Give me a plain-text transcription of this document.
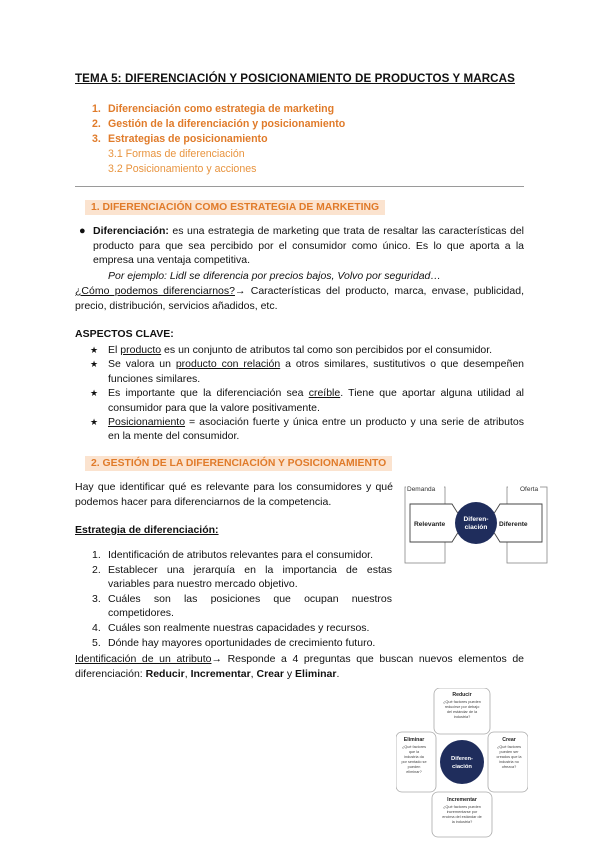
TEMA 5: DIFERENCIACIÓN Y POSICIONAMIENTO DE PRODUCTOS Y MARCAS
1. Diferenciación como estrategia de marketing
2. Gestión de la diferenciación y posicionamiento
3. Estrategias de posicionamiento
3.1 Formas de diferenciación
3.2 Posicionamiento y acciones
1. DIFERENCIACIÓN COMO ESTRATEGIA DE MARKETING
● Diferenciación: es una estrategia de marketing que trata de resaltar las características del producto para que sea percibido por el consumidor como único. Es lo que aporta a la empresa una ventaja competitiva.
Por ejemplo: Lidl se diferencia por precios bajos, Volvo por seguridad…
¿Cómo podemos diferenciarnos?→ Características del producto, marca, envase, publicidad, precio, distribución, servicios añadidos, etc.
ASPECTOS CLAVE:
★ El producto es un conjunto de atributos tal como son percibidos por el consumidor.
★ Se valora un producto con relación a otros similares, sustitutivos o que desempeñen funciones similares.
★ Es importante que la diferenciación sea creíble. Tiene que aportar alguna utilidad al consumidor para que la valore positivamente.
★ Posicionamiento = asociación fuerte y única entre un producto y una serie de atributos en la mente del consumidor.
2. GESTIÓN DE LA DIFERENCIACIÓN Y POSICIONAMIENTO
Hay que identificar qué es relevante para los consumidores y qué podemos hacer para diferenciarnos de la competencia.
Estrategia de diferenciación:
1. Identificación de atributos relevantes para el consumidor.
2. Establecer una jerarquía en la importancia de estas variables para nuestro mercado objetivo.
3. Cuáles son las posiciones que ocupan nuestros competidores.
4. Cuáles son realmente nuestras capacidades y recursos.
5. Dónde hay mayores oportunidades de crecimiento futuro.
Identificación de un atributo→ Responde a 4 preguntas que buscan nuevos elementos de diferenciación: Reducir, Incrementar, Crear y Eliminar.
Demanda	Oferta
Relevante	Diferente
Diferen-
ciación
Diferen-
ciación
Reducir
¿Qué factores pueden
reducirse por debajo
del estándar de la
industria?
Eliminar
¿Qué factores
que la
industria da
por sentado se
pueden
eliminar?
Crear
¿Qué factores
pueden ser
creados que la
industria no
ofrezca?
Incrementar
¿Qué factores pueden
incrementarse por
encima del estándar de
la industria?
